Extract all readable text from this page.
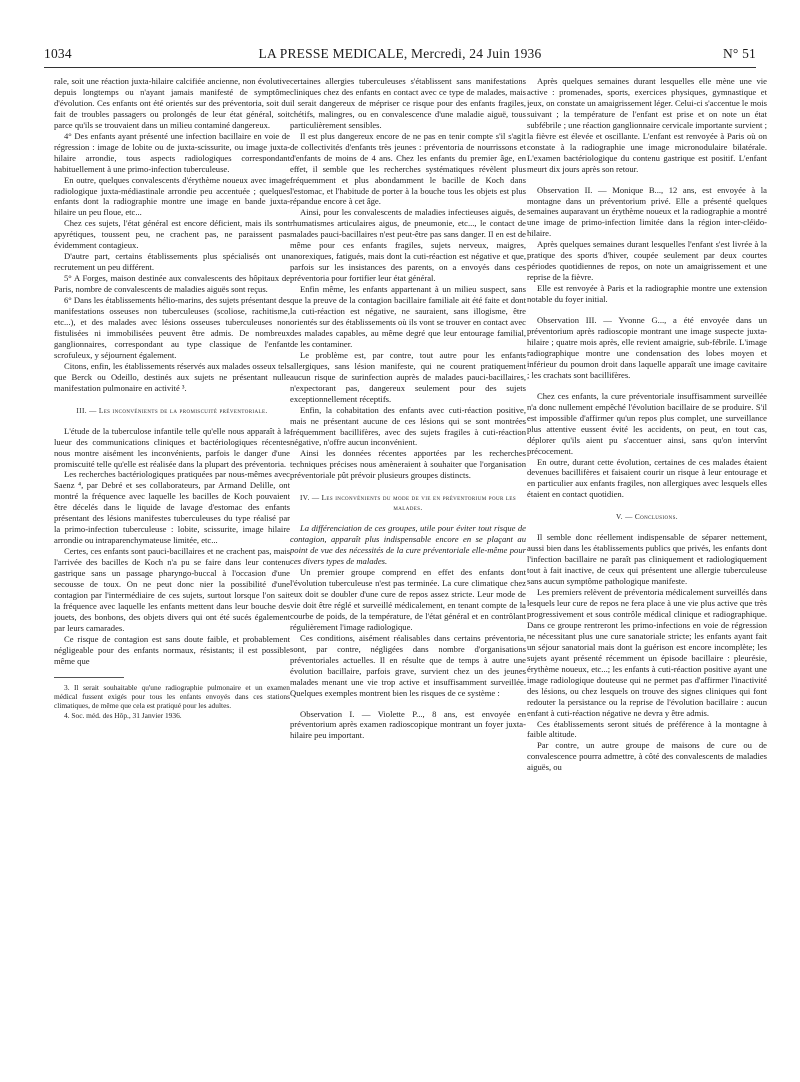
1034	LA PRESSE MEDICALE, Mercredi, 24 Juin 1936	N° 51

rale, soit une réaction juxta-hilaire calcifiée ancienne, non évolutive depuis longtemps ou n'ayant jamais manifesté de symptôme d'évolution. Ces enfants ont été orientés sur des préventoria, soit du fait de troubles passagers ou prolongés de leur état général, soit parce qu'ils se trouvaient dans un milieu contaminé dangereux.

4° Des enfants ayant présenté une infection bacillaire en voie de régression : image de lobite ou de juxta-scissurite, ou image juxta-hilaire arrondie, tous aspects radiologiques correspondant habituellement à une primo-infection tuberculeuse.

En outre, quelques convalescents d'érythème noueux avec image radiologique juxta-médiastinale arrondie peu accentuée ; quelques enfants dont la radiographie montre une image en bande juxta-hilaire un peu floue, etc...

Chez ces sujets, l'état général est encore déficient, mais ils sont apyrétiques, toussent peu, ne crachent pas, ne paraissent pas évidemment contagieux.

D'autre part, certains établissements plus spécialisés ont un recrutement un peu différent.

5° A Forges, maison destinée aux convalescents des hôpitaux de Paris, nombre de convalescents de maladies aiguës sont reçus.

6° Dans les établissements hélio-marins, des sujets présentant des manifestations osseuses non tuberculeuses (scoliose, rachitisme, etc...), et des malades avec lésions osseuses tuberculeuses non fistulisées ni immobilisées peuvent être admis. De nombreux ganglionnaires, correspondant au type classique de l'enfant scrofuleux, y séjournent également.

Citons, enfin, les établissements réservés aux malades osseux tels que Berck ou Odeillo, destinés aux sujets ne présentant nulle manifestation pulmonaire en activité ³.

III. — Les inconvénients de la promiscuité préventoriale.

L'étude de la tuberculose infantile telle qu'elle nous apparaît à la lueur des communications cliniques et bactériologiques récentes nous montre aisément les inconvénients, parfois le danger d'une promiscuité telle qu'elle est réalisée dans la plupart des préventoria.

Les recherches bactériologiques pratiquées par nous-mêmes avec Saenz ⁴, par Debré et ses collaborateurs, par Armand Delille, ont montré la fréquence avec laquelle les bacilles de Koch pouvaient être décelés dans le liquide de lavage d'estomac des enfants présentant des lésions manifestes tuberculeuses du type réalisé par la primo-infection tuberculeuse : lobite, scissurite, image hilaire arrondie ou intraparenchymateuse limitée, etc...

Certes, ces enfants sont pauci-bacillaires et ne crachent pas, mais l'arrivée des bacilles de Koch n'a pu se faire dans leur contenu gastrique sans un passage pharyngo-buccal à l'occasion d'une secousse de toux. On ne peut donc nier la possibilité d'une contagion par l'intermédiaire de ces sujets, surtout lorsque l'on sait la fréquence avec laquelle les enfants mettent dans leur bouche des jouets, des bonbons, des objets divers qui ont été sucés également par leurs camarades.

Ce risque de contagion est sans doute faible, et probablement négligeable pour des enfants normaux, résistants; il est possible même que

3. Il serait souhaitable qu'une radiographie pulmonaire et un examen médical fussent exigés pour tous les enfants envoyés dans ces stations climatiques, de même que cela est pratiqué pour les adultes.

4. Soc. méd. des Hôp., 31 Janvier 1936.

certaines allergies tuberculeuses s'établissent sans manifestations cliniques chez des enfants en contact avec ce type de malades, mais il serait dangereux de mépriser ce risque pour des enfants fragiles, chétifs, malingres, ou en convalescence d'une maladie aiguë, tous particulièrement sensibles.

Il est plus dangereux encore de ne pas en tenir compte s'il s'agit de collectivités d'enfants très jeunes : préventoria de nourrissons et d'enfants de moins de 4 ans. Chez les enfants du premier âge, en effet, il semble que les recherches systématiques révèlent plus fréquemment et plus abondamment le bacille de Koch dans l'estomac, et l'habitude de porter à la bouche tous les objets est plus répandue encore à cet âge.

Ainsi, pour les convalescents de maladies infectieuses aiguës, de rhumatismes articulaires aigus, de pneumonie, etc..., le contact de malades pauci-bacillaires n'est peut-être pas sans danger. Il en est de même pour ces enfants fragiles, sujets nerveux, maigres, anorexiques, fatigués, mais dont la cuti-réaction est négative et que, parfois sur les insistances des parents, on a envoyés dans ces préventoria pour fortifier leur état général.

Enfin même, les enfants appartenant à un milieu suspect, sans que la preuve de la contagion bacillaire familiale ait été faite et dont la cuti-réaction est négative, ne sauraient, sans illogisme, être orientés sur des établissements où ils vont se trouver en contact avec des malades capables, au même degré que leur entourage familial, de les contaminer.

Le problème est, par contre, tout autre pour les enfants allergiques, sans lésion manifeste, qui ne courent pratiquement aucun risque de surinfection auprès de malades pauci-bacillaires, n'expectorant pas, dangereux seulement pour des sujets exceptionnellement réceptifs.

Enfin, la cohabitation des enfants avec cuti-réaction positive, mais ne présentant aucune de ces lésions qui se sont montrées fréquemment bacillifères, avec des sujets fragiles à cuti-réaction négative, n'offre aucun inconvénient.

Ainsi les données récentes apportées par les recherches techniques précises nous amèneraient à souhaiter que l'organisation préventoriale pût prévoir plusieurs groupes distincts.

IV. — Les inconvénients du mode de vie en préventorium pour les malades.

La différenciation de ces groupes, utile pour éviter tout risque de contagion, apparaît plus indispensable encore en se plaçant au point de vue des nécessités de la cure préventoriale elle-même pour ces divers types de malades.

Un premier groupe comprend en effet des enfants dont l'évolution tuberculeuse n'est pas terminée. La cure climatique chez eux doit se doubler d'une cure de repos assez stricte. Leur mode de vie doit être réglé et surveillé médicalement, en tenant compte de la courbe de poids, de la température, de l'état général et en contrôlant régulièrement l'image radiologique.

Ces conditions, aisément réalisables dans certains préventoria, sont, par contre, négligées dans nombre d'organisations préventoriales actuelles. Il en résulte que de temps à autre une évolution bacillaire, parfois grave, survient chez un des jeunes malades menant une vie trop active et insuffisamment surveillée. Quelques exemples montrent bien les risques de ce système :

Observation I. — Violette P..., 8 ans, est envoyée en préventorium après examen radioscopique montrant un foyer juxta-hilaire peu important.

Après quelques semaines durant lesquelles elle mène une vie active : promenades, sports, exercices physiques, gymnastique et jeux, on constate un amaigrissement léger. Celui-ci s'accentue le mois suivant ; la température de l'enfant est prise et on note un état subfébrile ; une réaction ganglionnaire cervicale importante survient ; la fièvre est élevée et oscillante. L'enfant est renvoyée à Paris où on constate à la radiographie une image micronodulaire bilatérale. L'examen bactériologique du contenu gastrique est positif. L'enfant meurt dix jours après son retour.

Observation II. — Monique B..., 12 ans, est envoyée à la montagne dans un préventorium privé. Elle a présenté quelques semaines auparavant un érythème noueux et la radiographie a montré une image de primo-infection limitée dans la région inter-cléido-hilaire.

Après quelques semaines durant lesquelles l'enfant s'est livrée à la pratique des sports d'hiver, coupée seulement par deux courtes périodes quotidiennes de repos, on note un amaigrissement et une reprise de la fièvre.

Elle est renvoyée à Paris et la radiographie montre une extension notable du foyer initial.

Observation III. — Yvonne G..., a été envoyée dans un préventorium après radioscopie montrant une image suspecte juxta-hilaire ; quatre mois après, elle revient amaigrie, sub-fébrile. L'image radiographique montre une condensation des lobes moyen et inférieur du poumon droit dans laquelle apparaît une image cavitaire ; les crachats sont bacillifères.

Chez ces enfants, la cure préventoriale insuffisamment surveillée n'a donc nullement empêché l'évolution bacillaire de se produire. S'il est impossible d'affirmer qu'un repos plus complet, une surveillance plus attentive eussent évité les accidents, on peut, en tout cas, déplorer qu'ils aient pu s'accentuer ainsi, sans qu'on intervînt précocement.

En outre, durant cette évolution, certaines de ces malades étaient devenues bacillifères et faisaient courir un risque à leur entourage et en particulier aux enfants fragiles, non allergiques avec lesquels elles étaient en contact quotidien.

V. — Conclusions.

Il semble donc réellement indispensable de séparer nettement, aussi bien dans les établissements publics que privés, les enfants dont l'infection bacillaire ne paraît pas cliniquement et radiologiquement tout à fait inactive, de ceux qui présentent une allergie tuberculeuse sans aucun symptôme pathologique manifeste.

Les premiers relèvent de préventoria médicalement surveillés dans lesquels leur cure de repos ne fera place à une vie plus active que très progressivement et sous contrôle médical clinique et radiographique. Dans ce groupe rentreront les primo-infections en voie de régression ne nécessitant plus une cure sanatoriale stricte; les enfants ayant fait un séjour sanatorial mais dont la guérison est encore incomplète; les sujets ayant présenté récemment un épisode bacillaire : pleurésie, érythème noueux, etc...; les enfants à cuti-réaction positive ayant une image radiologique douteuse qui ne permet pas d'affirmer l'inactivité des lésions, ou chez lesquels on trouve des signes cliniques qui font redouter la persistance ou la reprise de l'évolution bacillaire : aucun enfant à cuti-réaction négative ne devra y être admis.

Ces établissements seront situés de préférence à la montagne à faible altitude.

Par contre, un autre groupe de maisons de cure ou de convalescence pourra admettre, à côté des convalescents de maladies aiguës, ou
